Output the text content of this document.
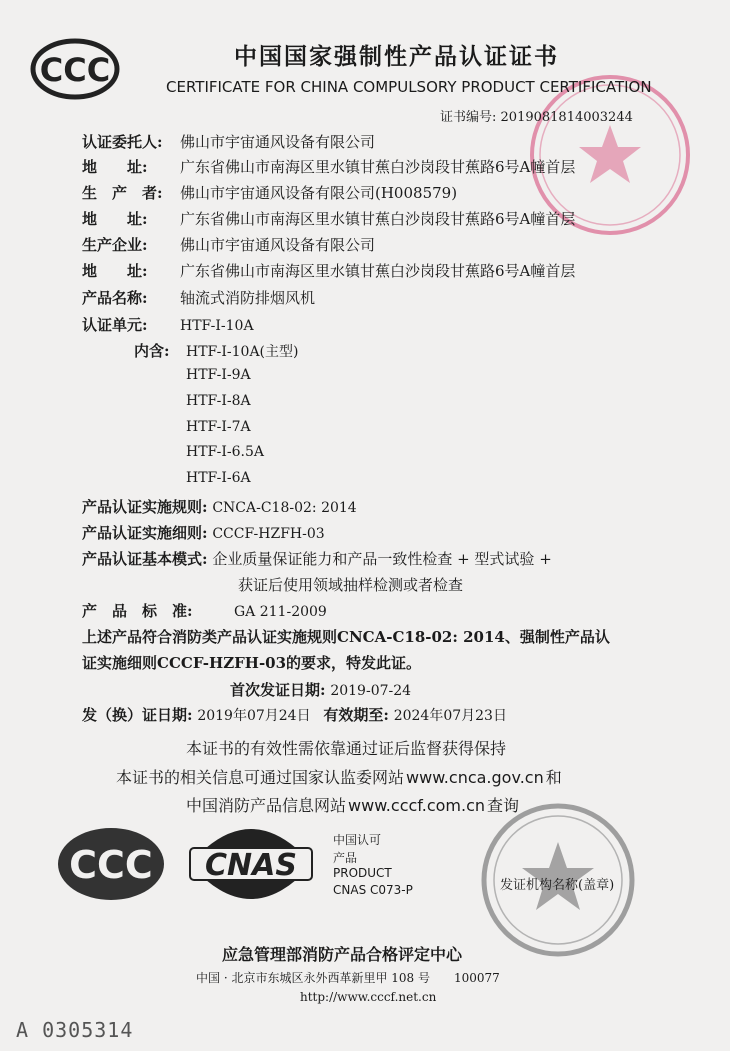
CCC	中国国家强制性产品认证证书
CERTIFICATE FOR CHINA COMPULSORY PRODUCT CERTIFICATION
证书编号: 2019081814003244
认证委托人: 佛山市宇宙通风设备有限公司
地　　址: 广东省佛山市南海区里水镇甘蕉白沙岗段甘蕉路6号A幢首层
生　产　者: 佛山市宇宙通风设备有限公司(H008579)
地　　址: 广东省佛山市南海区里水镇甘蕉白沙岗段甘蕉路6号A幢首层
生产企业: 佛山市宇宙通风设备有限公司
地　　址: 广东省佛山市南海区里水镇甘蕉白沙岗段甘蕉路6号A幢首层
产品名称: 轴流式消防排烟风机
认证单元: HTF-I-10A
内含: HTF-I-10A(主型)
HTF-I-9A
HTF-I-8A
HTF-I-7A
HTF-I-6.5A
HTF-I-6A
产品认证实施规则: CNCA-C18-02: 2014
产品认证实施细则: CCCF-HZFH-03
产品认证基本模式: 企业质量保证能力和产品一致性检查 + 型式试验 +
获证后使用领域抽样检测或者检查
产　品　标　准:	GA 211-2009
上述产品符合消防类产品认证实施规则CNCA-C18-02: 2014、强制性产品认
证实施细则CCCF-HZFH-03的要求，特发此证。
首次发证日期: 2019-07-24
发（换）证日期: 2019年07月24日 有效期至: 2024年07月23日
本证书的有效性需依靠通过证后监督获得保持
本证书的相关信息可通过国家认监委网站 www.cnca.gov.cn 和
中国消防产品信息网站 www.cccf.com.cn 查询
CCC CNAS
中国认可
产品
PRODUCT
CNAS C073-P	发证机构名称(盖章)
应急管理部消防产品合格评定中心
中国 · 北京市东城区永外西革新里甲 108 号　　100077
http://www.cccf.net.cn
A 0305314
